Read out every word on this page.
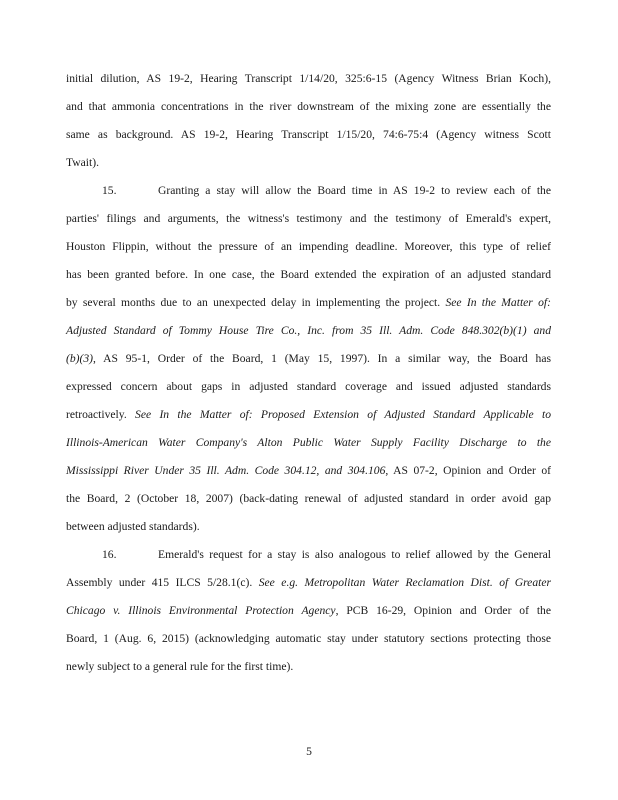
initial dilution, AS 19-2, Hearing Transcript 1/14/20, 325:6-15 (Agency Witness Brian Koch),
and that ammonia concentrations in the river downstream of the mixing zone are essentially the
same as background. AS 19-2, Hearing Transcript 1/15/20, 74:6-75:4 (Agency witness Scott
Twait).
15.	Granting a stay will allow the Board time in AS 19-2 to review each of the
parties' filings and arguments, the witness's testimony and the testimony of Emerald's expert,
Houston Flippin, without the pressure of an impending deadline. Moreover, this type of relief
has been granted before. In one case, the Board extended the expiration of an adjusted standard
by several months due to an unexpected delay in implementing the project. See In the Matter of:
Adjusted Standard of Tommy House Tire Co., Inc. from 35 Ill. Adm. Code 848.302(b)(1) and
(b)(3), AS 95-1, Order of the Board, 1 (May 15, 1997). In a similar way, the Board has
expressed concern about gaps in adjusted standard coverage and issued adjusted standards
retroactively. See In the Matter of: Proposed Extension of Adjusted Standard Applicable to
Illinois-American Water Company's Alton Public Water Supply Facility Discharge to the
Mississippi River Under 35 Ill. Adm. Code 304.12, and 304.106, AS 07-2, Opinion and Order of
the Board, 2 (October 18, 2007) (back-dating renewal of adjusted standard in order avoid gap
between adjusted standards).
16.	Emerald's request for a stay is also analogous to relief allowed by the General
Assembly under 415 ILCS 5/28.1(c). See e.g. Metropolitan Water Reclamation Dist. of Greater
Chicago v. Illinois Environmental Protection Agency, PCB 16-29, Opinion and Order of the
Board, 1 (Aug. 6, 2015) (acknowledging automatic stay under statutory sections protecting those
newly subject to a general rule for the first time).
5
